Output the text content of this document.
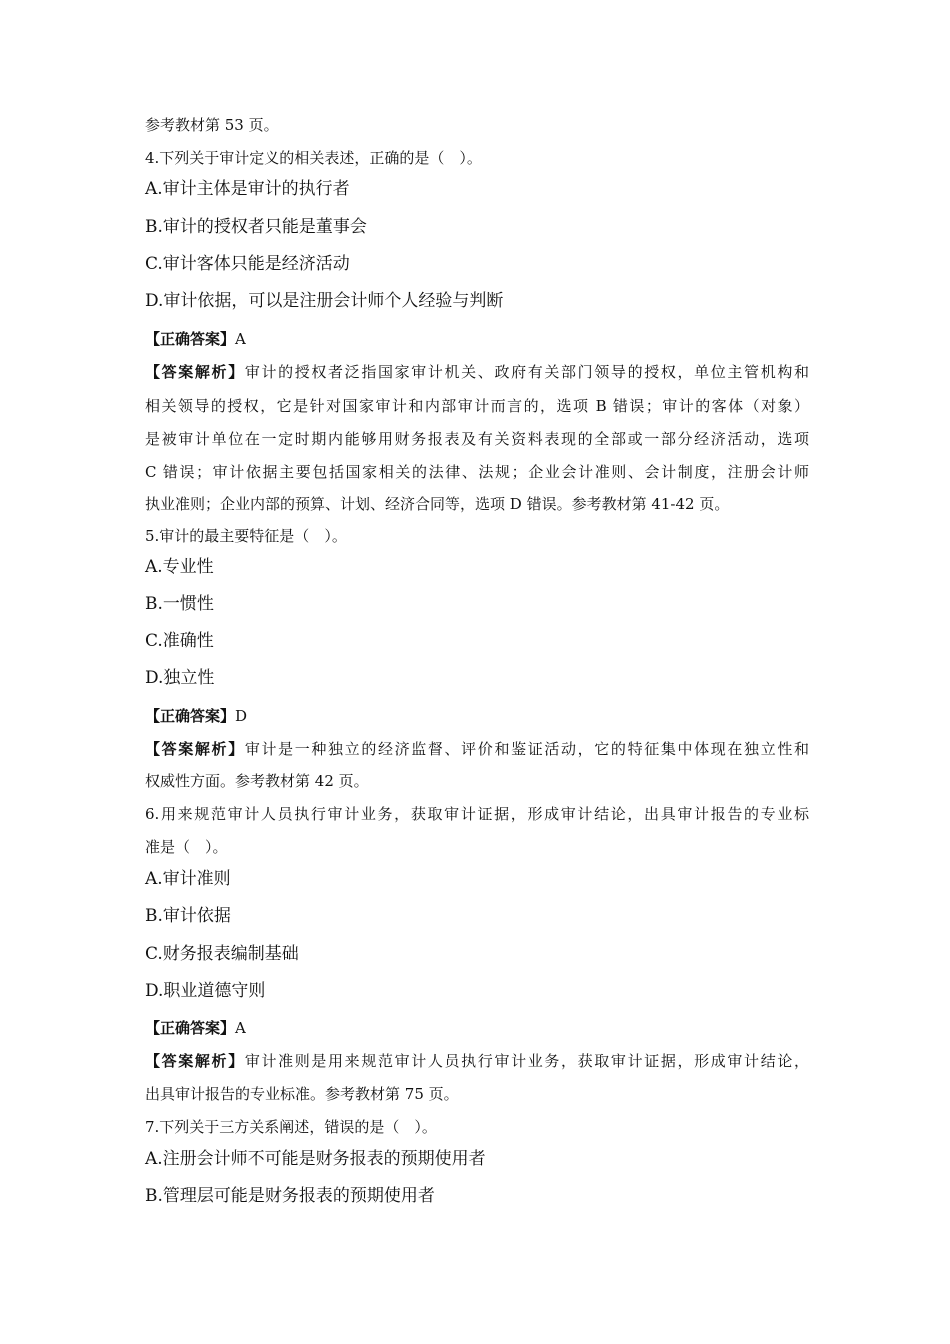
参考教材第 53 页。
4.下列关于审计定义的相关表述，正确的是（　）。
A.审计主体是审计的执行者
B.审计的授权者只能是董事会
C.审计客体只能是经济活动
D.审计依据，可以是注册会计师个人经验与判断
【正确答案】A
【答案解析】审计的授权者泛指国家审计机关、政府有关部门领导的授权，单位主管机构和
相关领导的授权，它是针对国家审计和内部审计而言的，选项 B 错误；审计的客体（对象）
是被审计单位在一定时期内能够用财务报表及有关资料表现的全部或一部分经济活动，选项
C 错误；审计依据主要包括国家相关的法律、法规；企业会计准则、会计制度，注册会计师
执业准则；企业内部的预算、计划、经济合同等，选项 D 错误。参考教材第 41-42 页。
5.审计的最主要特征是（　）。
A.专业性
B.一惯性
C.准确性
D.独立性
【正确答案】D
【答案解析】审计是一种独立的经济监督、评价和鉴证活动，它的特征集中体现在独立性和
权威性方面。参考教材第 42 页。
6.用来规范审计人员执行审计业务，获取审计证据，形成审计结论，出具审计报告的专业标
准是（　）。
A.审计准则
B.审计依据
C.财务报表编制基础
D.职业道德守则
【正确答案】A
【答案解析】审计准则是用来规范审计人员执行审计业务，获取审计证据，形成审计结论，
出具审计报告的专业标准。参考教材第 75 页。
7.下列关于三方关系阐述，错误的是（　）。
A.注册会计师不可能是财务报表的预期使用者
B.管理层可能是财务报表的预期使用者
